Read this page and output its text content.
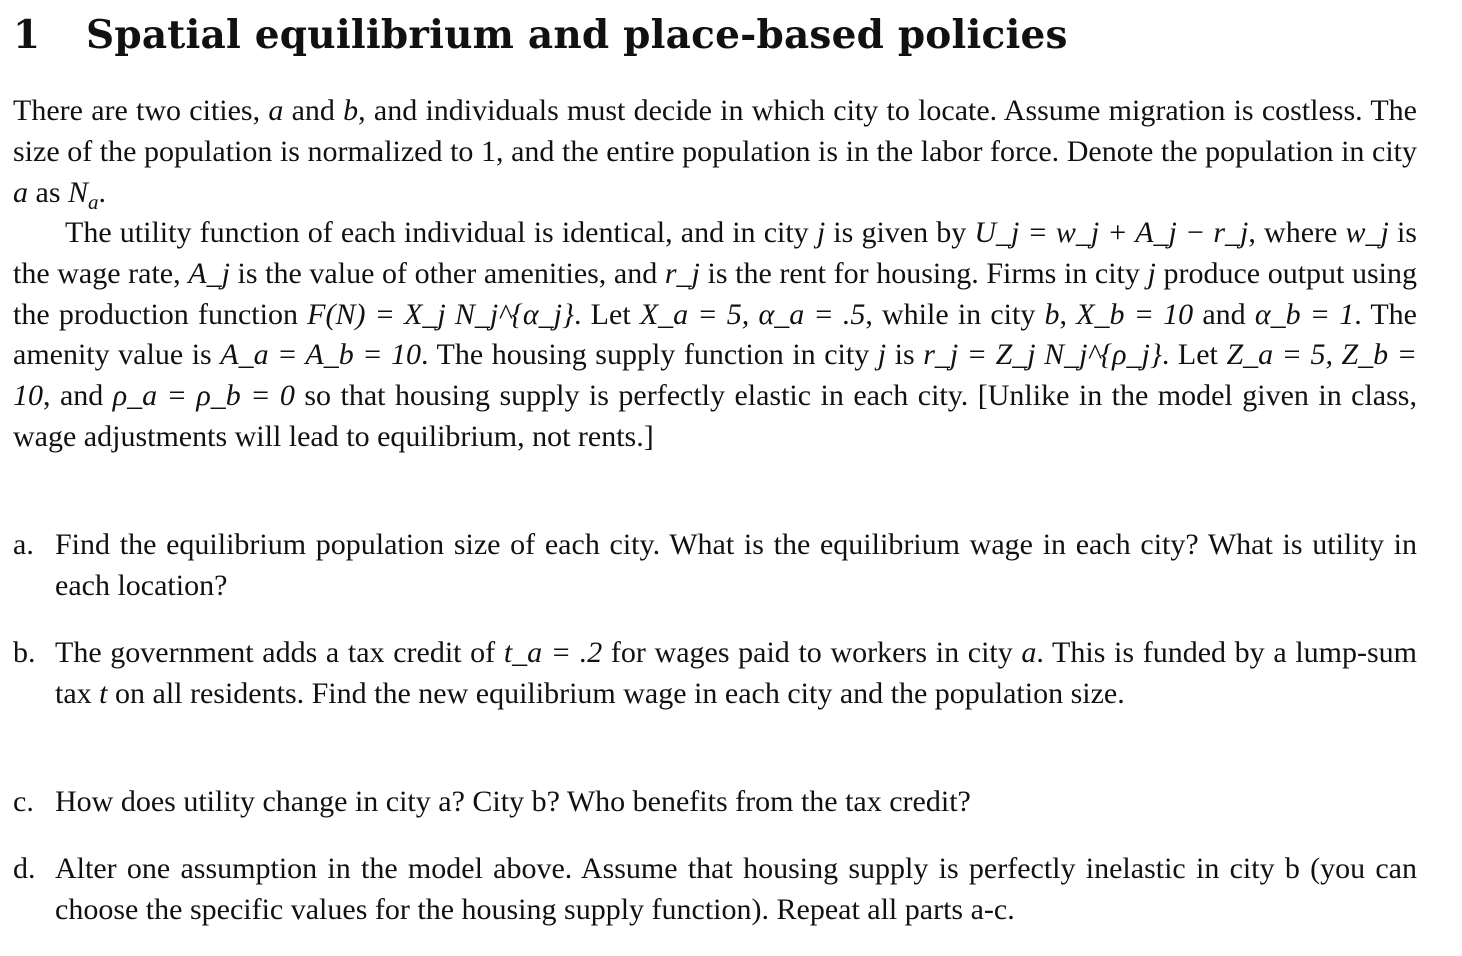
1 Spatial equilibrium and place-based policies
There are two cities, a and b, and individuals must decide in which city to locate. Assume migration is costless. The size of the population is normalized to 1, and the entire population is in the labor force. Denote the population in city a as $N_a$.
The utility function of each individual is identical, and in city j is given by U_j = w_j + A_j − r_j, where w_j is the wage rate, A_j is the value of other amenities, and r_j is the rent for housing. Firms in city j produce output using the production function F(N) = X_j N_j^{α_j}. Let X_a = 5, α_a = .5, while in city b, X_b = 10 and α_b = 1. The amenity value is A_a = A_b = 10. The housing supply function in city j is r_j = Z_j N_j^{ρ_j}. Let Z_a = 5, Z_b = 10, and ρ_a = ρ_b = 0 so that housing supply is perfectly elastic in each city. [Unlike in the model given in class, wage adjustments will lead to equilibrium, not rents.]
a. Find the equilibrium population size of each city. What is the equilibrium wage in each city? What is utility in each location?
b. The government adds a tax credit of t_a = .2 for wages paid to workers in city a. This is funded by a lump-sum tax t on all residents. Find the new equilibrium wage in each city and the population size.
c. How does utility change in city a? City b? Who benefits from the tax credit?
d. Alter one assumption in the model above. Assume that housing supply is perfectly inelastic in city b (you can choose the specific values for the housing supply function). Repeat all parts a-c.
